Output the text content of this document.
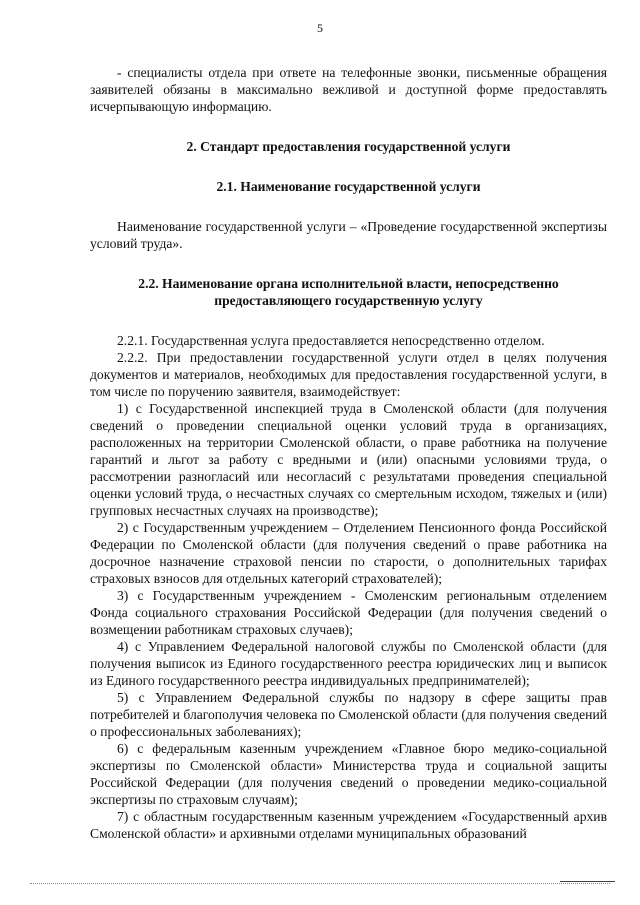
5

- специалисты отдела при ответе на телефонные звонки, письменные обращения заявителей обязаны в максимально вежливой и доступной форме предоставлять исчерпывающую информацию.

2. Стандарт предоставления государственной услуги

2.1. Наименование государственной услуги

Наименование государственной услуги – «Проведение государственной экспертизы условий труда».

2.2. Наименование органа исполнительной власти, непосредственно

предоставляющего государственную услугу

2.2.1. Государственная услуга предоставляется непосредственно отделом.

2.2.2. При предоставлении государственной услуги отдел в целях получения документов и материалов, необходимых для предоставления государственной услуги, в том числе по поручению заявителя, взаимодействует:

1) с Государственной инспекцией труда в Смоленской области (для получения сведений о проведении специальной оценки условий труда в организациях, расположенных на территории Смоленской области, о праве работника на получение гарантий и льгот за работу с вредными и (или) опасными условиями труда, о рассмотрении разногласий или несогласий с результатами проведения специальной оценки условий труда, о несчастных случаях со смертельным исходом, тяжелых и (или) групповых несчастных случаях на производстве);

2) с Государственным учреждением – Отделением Пенсионного фонда Российской Федерации по Смоленской области (для получения сведений о праве работника на досрочное назначение страховой пенсии по старости, о дополнительных тарифах страховых взносов для отдельных категорий страхователей);

3) с Государственным учреждением - Смоленским региональным отделением Фонда социального страхования Российской Федерации (для получения сведений о возмещении работникам страховых случаев);

4) с Управлением Федеральной налоговой службы по Смоленской области (для получения выписок из Единого государственного реестра юридических лиц и выписок из Единого государственного реестра индивидуальных предпринимателей);

5) с Управлением Федеральной службы по надзору в сфере защиты прав потребителей и благополучия человека по Смоленской области (для получения сведений о профессиональных заболеваниях);

6) с федеральным казенным учреждением «Главное бюро медико-социальной экспертизы по Смоленской области» Министерства труда и социальной защиты Российской Федерации (для получения сведений о проведении медико-социальной экспертизы по страховым случаям);

7) с областным государственным казенным учреждением «Государственный архив Смоленской области» и архивными отделами муниципальных образований
